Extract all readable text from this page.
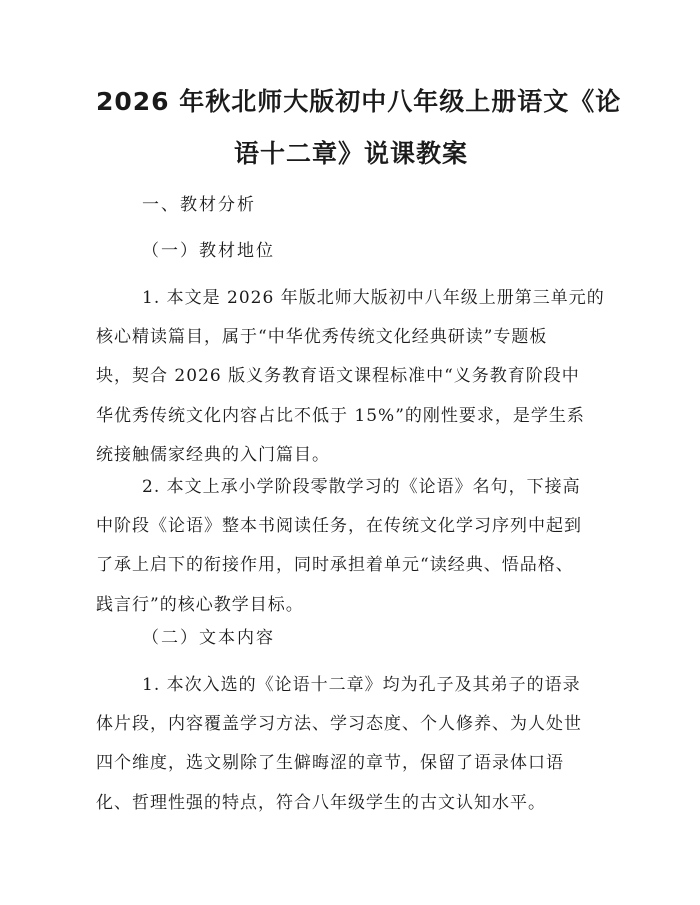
2026 年秋北师大版初中八年级上册语文《论
语十二章》说课教案
一、教材分析
（一）教材地位

1. 本文是 2026 年版北师大版初中八年级上册第三单元的
核心精读篇目，属于“中华优秀传统文化经典研读”专题板
块，契合 2026 版义务教育语文课程标准中“义务教育阶段中
华优秀传统文化内容占比不低于 15%”的刚性要求，是学生系
统接触儒家经典的入门篇目。

2. 本文上承小学阶段零散学习的《论语》名句，下接高
中阶段《论语》整本书阅读任务，在传统文化学习序列中起到
了承上启下的衔接作用，同时承担着单元“读经典、悟品格、
践言行”的核心教学目标。

（二）文本内容

1. 本次入选的《论语十二章》均为孔子及其弟子的语录
体片段，内容覆盖学习方法、学习态度、个人修养、为人处世
四个维度，选文剔除了生僻晦涩的章节，保留了语录体口语
化、哲理性强的特点，符合八年级学生的古文认知水平。
